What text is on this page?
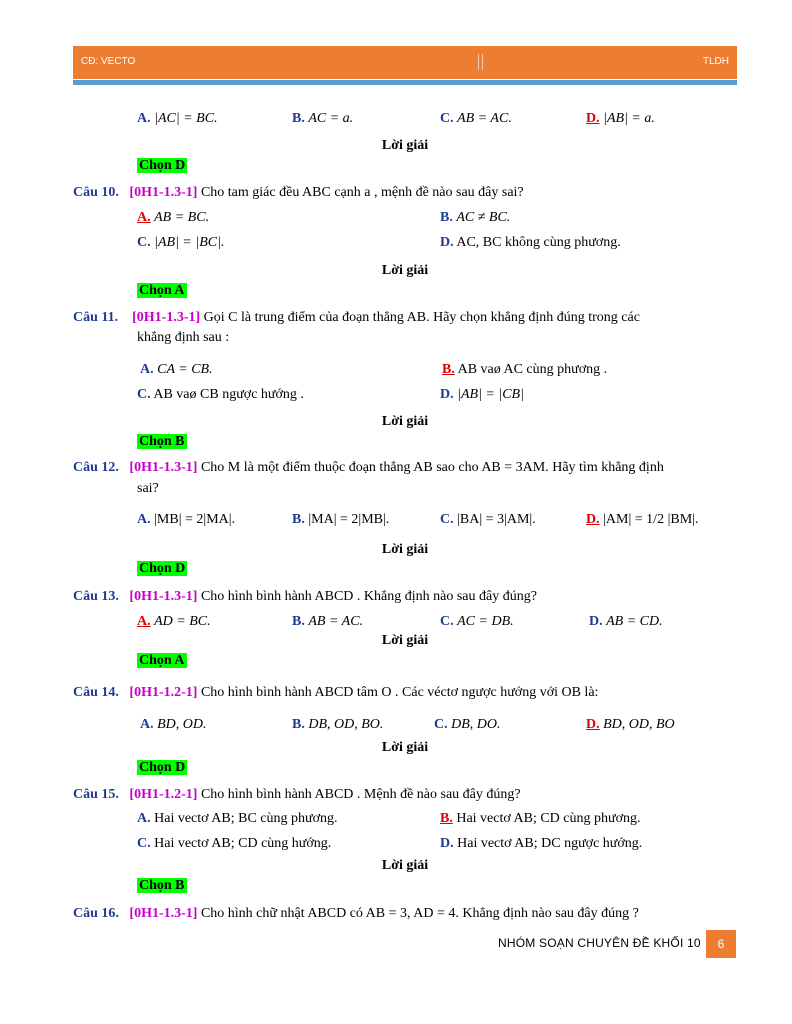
CĐ: VECTO	TLDH
A. |AC| = BC.	B. AC = a.	C. AB = AC.	D. |AB| = a.
Lời giải
Chọn D
Câu 10. [0H1-1.3-1] Cho tam giác đều ABC cạnh a , mệnh đề nào sau đây sai?
A. AB = BC.	B. AC ≠ BC.
C. |AB| = |BC|.	D. AC, BC không cùng phương.
Lời giải
Chọn A
Câu 11. [0H1-1.3-1] Gọi C là trung điểm của đoạn thẳng AB. Hãy chọn khẳng định đúng trong các
khẳng định sau :
A. CA = CB.	B. AB vaø AC cùng phương .
C. AB vaø CB ngược hướng .	D. |AB| = |CB|
Lời giải
Chọn B
Câu 12. [0H1-1.3-1] Cho M là một điểm thuộc đoạn thẳng AB sao cho AB = 3AM. Hãy tìm khẳng định
sai?
A. |MB| = 2|MA|.	B. |MA| = 2|MB|.	C. |BA| = 3|AM|.	D. |AM| = 1/2 |BM|.
Lời giải
Chọn D
Câu 13. [0H1-1.3-1] Cho hình bình hành ABCD . Khẳng định nào sau đây đúng?
A. AD = BC.	B. AB = AC.	C. AC = DB.	D. AB = CD.
Lời giải
Chọn A
Câu 14. [0H1-1.2-1] Cho hình bình hành ABCD tâm O . Các véctơ ngược hướng với OB là:
A. BD, OD.	B. DB, OD, BO.	C. DB, DO.	D. BD, OD, BO
Lời giải
Chọn D
Câu 15. [0H1-1.2-1] Cho hình bình hành ABCD . Mệnh đề nào sau đây đúng?
A. Hai vectơ AB; BC cùng phương.	B. Hai vectơ AB; CD cùng phương.
C. Hai vectơ AB; CD cùng hướng.	D. Hai vectơ AB; DC ngược hướng.
Lời giải
Chọn B
Câu 16. [0H1-1.3-1] Cho hình chữ nhật ABCD có AB = 3, AD = 4. Khẳng định nào sau đây đúng ?
NHÓM SOẠN CHUYÊN ĐỀ KHỐI 10	6
